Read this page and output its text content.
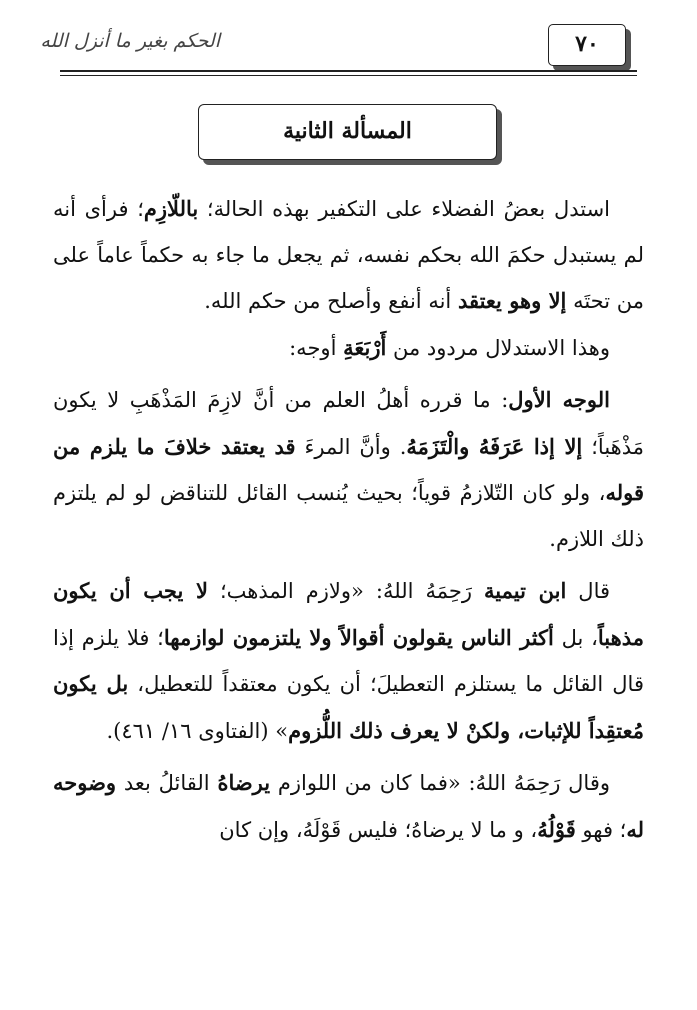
٧٠
الحكم بغير ما أنزل الله
المسألة الثانية

استدل بعضُ الفضلاء على التكفير بهذه الحالة؛ باللّازِم؛ فرأى أنه لم يستبدل حكمَ الله بحكم نفسه، ثم يجعل ما جاء به حكماً عاماً على من تحتَه إلا وهو يعتقد أنه أنفع وأصلح من حكم الله.

وهذا الاستدلال مردود من أَرْبَعَةِ أوجه:

الوجه الأول: ما قرره أهلُ العلم من أنَّ لازِمَ المَذْهَبِ لا يكون مَذْهَباً؛ إلا إذا عَرَفَهُ والْتَزَمَهُ. وأنَّ المرءَ قد يعتقد خلافَ ما يلزم من قوله، ولو كان التّلازمُ قوياً؛ بحيث يُنسب القائل للتناقض لو لم يلتزم ذلك اللازم.

قال ابن تيمية رَحِمَهُ اللهُ: «ولازم المذهب؛ لا يجب أن يكون مذهباً، بل أكثر الناس يقولون أقوالاً ولا يلتزمون لوازمها؛ فلا يلزم إذا قال القائل ما يستلزم التعطيلَ؛ أن يكون معتقداً للتعطيل، بل يكون مُعتقِداً للإثبات، ولكنْ لا يعرف ذلك اللُّزوم» (الفتاوى ١٦/ ٤٦١).

وقال رَحِمَهُ اللهُ: «فما كان من اللوازم يرضاهُ القائلُ بعد وضوحه له؛ فهو قَوْلُهُ، و ما لا يرضاهُ؛ فليس قَوْلَهُ، وإن كان
